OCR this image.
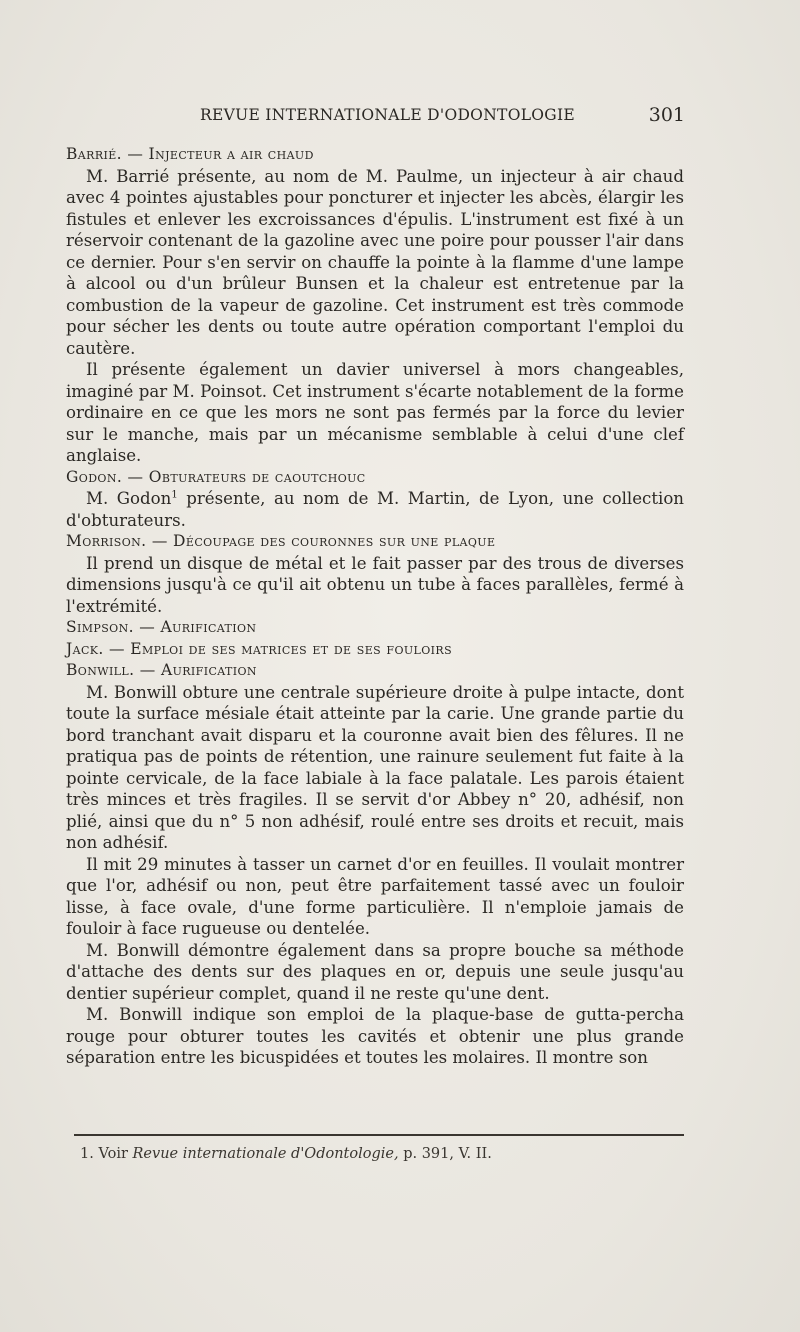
REVUE INTERNATIONALE D'ODONTOLOGIE	301

Barrié. — Injecteur a air chaud

M. Barrié présente, au nom de M. Paulme, un injecteur à air chaud avec 4 pointes ajustables pour poncturer et injecter les abcès, élargir les fistules et enlever les excroissances d'épulis. L'instrument est fixé à un réservoir contenant de la gazoline avec une poire pour pousser l'air dans ce dernier. Pour s'en servir on chauffe la pointe à la flamme d'une lampe à alcool ou d'un brûleur Bunsen et la chaleur est entretenue par la combustion de la vapeur de gazoline. Cet instrument est très commode pour sécher les dents ou toute autre opération comportant l'emploi du cautère.

Il présente également un davier universel à mors changeables, imaginé par M. Poinsot. Cet instrument s'écarte notablement de la forme ordinaire en ce que les mors ne sont pas fermés par la force du levier sur le manche, mais par un mécanisme semblable à celui d'une clef anglaise.

Godon. — Obturateurs de caoutchouc

M. Godon$^1$ présente, au nom de M. Martin, de Lyon, une collection d'obturateurs.

Morrison. — Découpage des couronnes sur une plaque

Il prend un disque de métal et le fait passer par des trous de diverses dimensions jusqu'à ce qu'il ait obtenu un tube à faces parallèles, fermé à l'extrémité.

Simpson. — Aurification

Jack. — Emploi de ses matrices et de ses fouloirs

Bonwill. — Aurification

M. Bonwill obture une centrale supérieure droite à pulpe intacte, dont toute la surface mésiale était atteinte par la carie. Une grande partie du bord tranchant avait disparu et la couronne avait bien des fêlures. Il ne pratiqua pas de points de rétention, une rainure seulement fut faite à la pointe cervicale, de la face labiale à la face palatale. Les parois étaient très minces et très fragiles. Il se servit d'or Abbey n° 20, adhésif, non plié, ainsi que du n° 5 non adhésif, roulé entre ses droits et recuit, mais non adhésif.

Il mit 29 minutes à tasser un carnet d'or en feuilles. Il voulait montrer que l'or, adhésif ou non, peut être parfaitement tassé avec un fouloir lisse, à face ovale, d'une forme particulière. Il n'emploie jamais de fouloir à face rugueuse ou dentelée.

M. Bonwill démontre également dans sa propre bouche sa méthode d'attache des dents sur des plaques en or, depuis une seule jusqu'au dentier supérieur complet, quand il ne reste qu'une dent.

M. Bonwill indique son emploi de la plaque-base de gutta-percha rouge pour obturer toutes les cavités et obtenir une plus grande séparation entre les bicuspidées et toutes les molaires. Il montre son

1. Voir Revue internationale d'Odontologie, p. 391, V. II.
